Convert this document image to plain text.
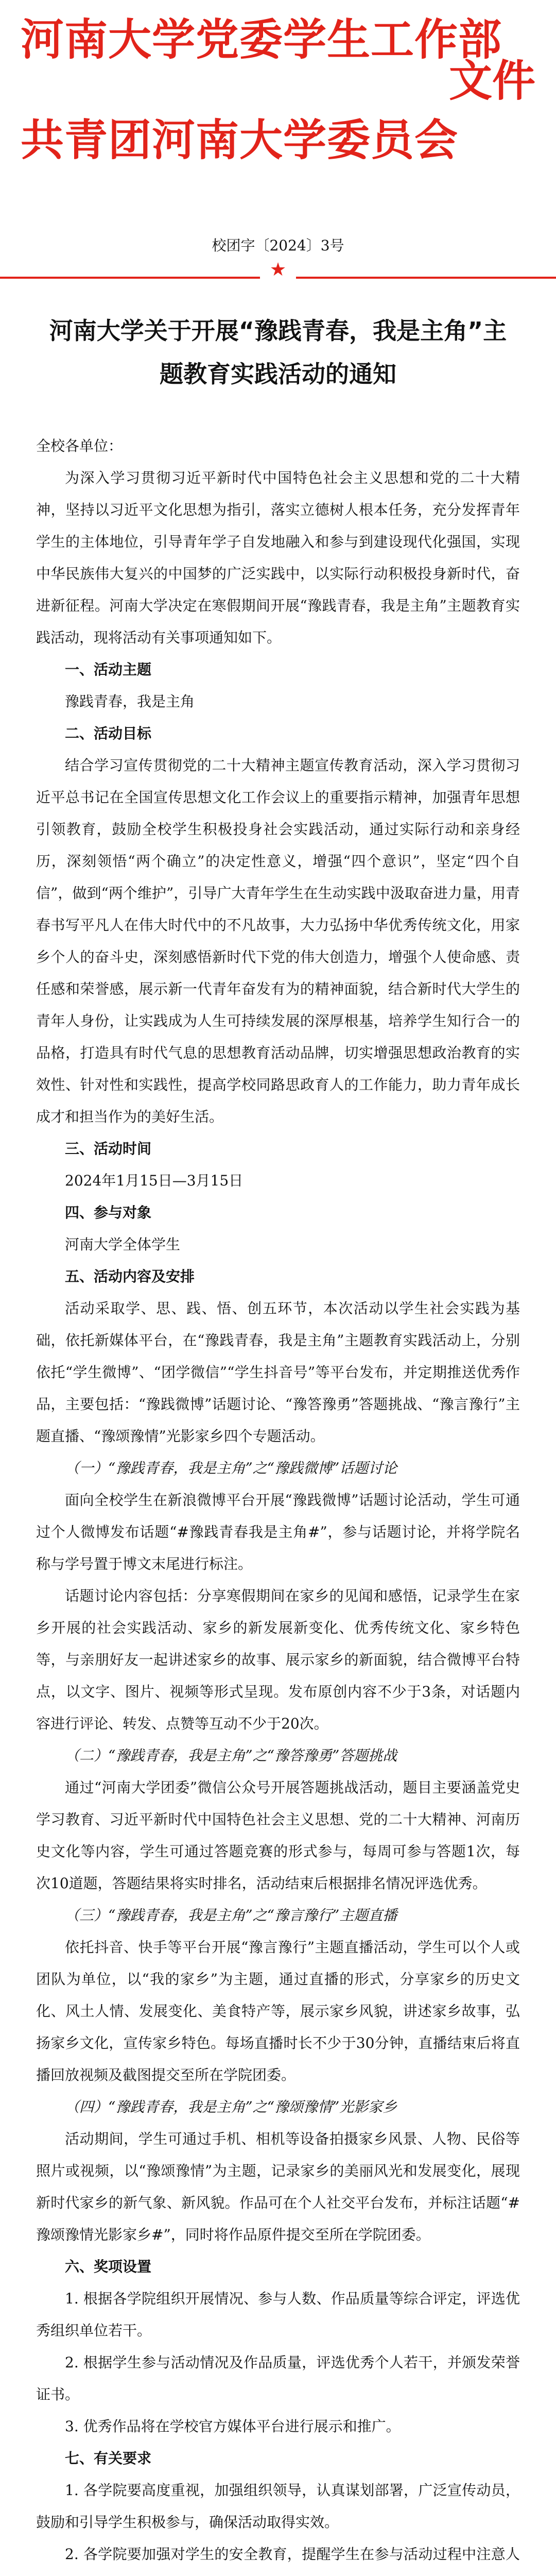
河南大学党委学生工作部
文件
共青团河南大学委员会
校团字〔2024〕3号
★
河南大学关于开展“豫践青春，我是主角”主题教育实践活动的通知

全校各单位：

为深入学习贯彻习近平新时代中国特色社会主义思想和党的二十大精神，坚持以习近平文化思想为指引，落实立德树人根本任务，充分发挥青年学生的主体地位，引导青年学子自发地融入和参与到建设现代化强国，实现中华民族伟大复兴的中国梦的广泛实践中，以实际行动积极投身新时代，奋进新征程。河南大学决定在寒假期间开展“豫践青春，我是主角”主题教育实践活动，现将活动有关事项通知如下。

一、活动主题

豫践青春，我是主角

二、活动目标

结合学习宣传贯彻党的二十大精神主题宣传教育活动，深入学习贯彻习近平总书记在全国宣传思想文化工作会议上的重要指示精神，加强青年思想引领教育，鼓励全校学生积极投身社会实践活动，通过实际行动和亲身经历，深刻领悟“两个确立”的决定性意义，增强“四个意识”，坚定“四个自信”，做到“两个维护”，引导广大青年学生在生动实践中汲取奋进力量，用青春书写平凡人在伟大时代中的不凡故事，大力弘扬中华优秀传统文化，用家乡个人的奋斗史，深刻感悟新时代下党的伟大创造力，增强个人使命感、责任感和荣誉感，展示新一代青年奋发有为的精神面貌，结合新时代大学生的青年人身份，让实践成为人生可持续发展的深厚根基，培养学生知行合一的品格，打造具有时代气息的思想教育活动品牌，切实增强思想政治教育的实效性、针对性和实践性，提高学校同路思政育人的工作能力，助力青年成长成才和担当作为的美好生活。

三、活动时间

2024年1月15日—3月15日

四、参与对象

河南大学全体学生

五、活动内容及安排

活动采取学、思、践、悟、创五环节，本次活动以学生社会实践为基础，依托新媒体平台，在“豫践青春，我是主角”主题教育实践活动上，分别依托“学生微博”、“团学微信”“学生抖音号”等平台发布，并定期推送优秀作品，主要包括：“豫践微博”话题讨论、“豫答豫勇”答题挑战、“豫言豫行”主题直播、“豫颂豫情”光影家乡四个专题活动。

（一）“豫践青春，我是主角”之“豫践微博”话题讨论

面向全校学生在新浪微博平台开展“豫践微博”话题讨论活动，学生可通过个人微博发布话题“#豫践青春我是主角#”，参与话题讨论，并将学院名称与学号置于博文末尾进行标注。

话题讨论内容包括：分享寒假期间在家乡的见闻和感悟，记录学生在家乡开展的社会实践活动、家乡的新发展新变化、优秀传统文化、家乡特色等，与亲朋好友一起讲述家乡的故事、展示家乡的新面貌，结合微博平台特点，以文字、图片、视频等形式呈现。发布原创内容不少于3条，对话题内容进行评论、转发、点赞等互动不少于20次。

（二）“豫践青春，我是主角”之“豫答豫勇”答题挑战

通过“河南大学团委”微信公众号开展答题挑战活动，题目主要涵盖党史学习教育、习近平新时代中国特色社会主义思想、党的二十大精神、河南历史文化等内容，学生可通过答题竞赛的形式参与，每周可参与答题1次，每次10道题，答题结果将实时排名，活动结束后根据排名情况评选优秀。

（三）“豫践青春，我是主角”之“豫言豫行”主题直播

依托抖音、快手等平台开展“豫言豫行”主题直播活动，学生可以个人或团队为单位，以“我的家乡”为主题，通过直播的形式，分享家乡的历史文化、风土人情、发展变化、美食特产等，展示家乡风貌，讲述家乡故事，弘扬家乡文化，宣传家乡特色。每场直播时长不少于30分钟，直播结束后将直播回放视频及截图提交至所在学院团委。

（四）“豫践青春，我是主角”之“豫颂豫情”光影家乡

活动期间，学生可通过手机、相机等设备拍摄家乡风景、人物、民俗等照片或视频，以“豫颂豫情”为主题，记录家乡的美丽风光和发展变化，展现新时代家乡的新气象、新风貌。作品可在个人社交平台发布，并标注话题“#豫颂豫情光影家乡#”，同时将作品原件提交至所在学院团委。

六、奖项设置

1. 根据各学院组织开展情况、参与人数、作品质量等综合评定，评选优秀组织单位若干。

2. 根据学生参与活动情况及作品质量，评选优秀个人若干，并颁发荣誉证书。

3. 优秀作品将在学校官方媒体平台进行展示和推广。

七、有关要求

1. 各学院要高度重视，加强组织领导，认真谋划部署，广泛宣传动员，鼓励和引导学生积极参与，确保活动取得实效。

2. 各学院要加强对学生的安全教育，提醒学生在参与活动过程中注意人
